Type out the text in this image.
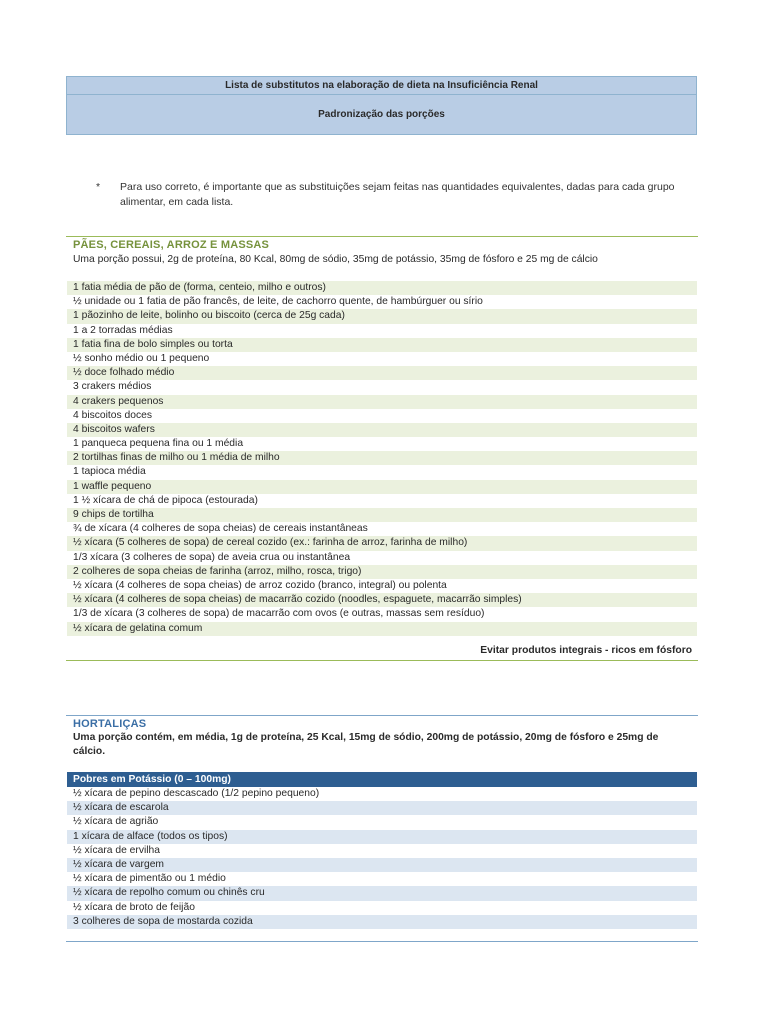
Lista de substitutos na elaboração de dieta na Insuficiência Renal
Padronização das porções
*	Para uso correto, é importante que as substituições sejam feitas nas quantidades equivalentes, dadas para cada grupo alimentar, em cada lista.
PÃES, CEREAIS, ARROZ E MASSAS
Uma porção possui, 2g de proteína, 80 Kcal, 80mg de sódio, 35mg de potássio, 35mg de fósforo e 25 mg de cálcio
1 fatia média de pão de (forma, centeio, milho e outros)
½ unidade ou 1 fatia de pão francês, de leite, de cachorro quente, de hambúrguer ou sírio
1 pãozinho de leite, bolinho ou biscoito (cerca de 25g cada)
1 a 2 torradas médias
1 fatia fina de bolo simples ou torta
½ sonho médio ou 1 pequeno
½ doce folhado médio
3 crakers médios
4 crakers pequenos
4 biscoitos doces
4 biscoitos wafers
1 panqueca pequena fina ou 1 média
2 tortilhas finas de milho ou 1 média de milho
1 tapioca média
1 waffle pequeno
1 ½ xícara de chá de pipoca (estourada)
9 chips de tortilha
¾ de xícara (4 colheres de sopa cheias) de cereais instantâneas
½ xícara (5 colheres de sopa) de cereal cozido (ex.: farinha de arroz, farinha de milho)
1/3 xícara (3 colheres de sopa) de aveia crua ou instantânea
2 colheres de sopa cheias de farinha (arroz, milho, rosca, trigo)
½ xícara (4 colheres de sopa cheias) de arroz cozido (branco, integral) ou polenta
½ xícara (4 colheres de sopa cheias) de macarrão cozido (noodles, espaguete, macarrão simples)
1/3 de xícara (3 colheres de sopa) de macarrão com ovos (e outras, massas sem resíduo)
½ xícara de gelatina comum
Evitar produtos integrais - ricos em fósforo
HORTALIÇAS
Uma porção contém, em média, 1g de proteína, 25 Kcal, 15mg de sódio, 200mg de potássio, 20mg de fósforo e 25mg de cálcio.
Pobres em Potássio (0 – 100mg)
½ xícara de pepino descascado (1/2 pepino pequeno)
½ xícara de escarola
½ xícara de agrião
1 xícara de alface (todos os tipos)
½ xícara de ervilha
½ xícara de vargem
½ xícara de pimentão ou 1 médio
½ xícara de repolho comum ou chinês cru
½ xícara de broto de feijão
3 colheres de sopa de mostarda cozida
